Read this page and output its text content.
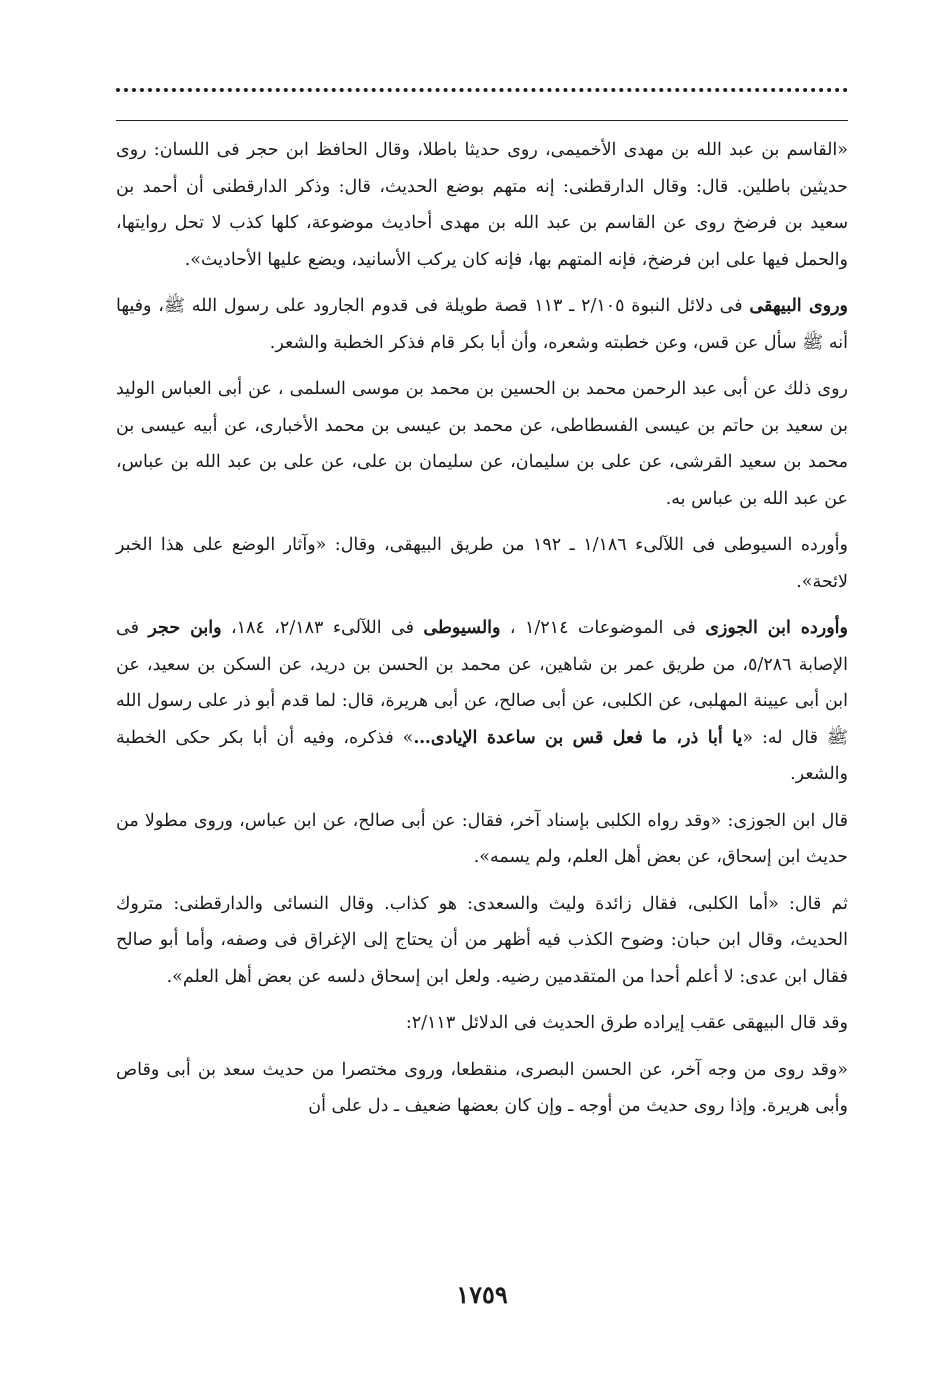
«القاسم بن عبد الله بن مهدى الأخميمى، روى حديثا باطلا، وقال الحافظ ابن حجر فى اللسان: روى حديثين باطلين. قال: وقال الدارقطنى: إنه متهم بوضع الحديث، قال: وذكر الدارقطنى أن أحمد بن سعيد بن فرضخ روى عن القاسم بن عبد الله بن مهدى أحاديث موضوعة، كلها كذب لا تحل روايتها، والحمل فيها على ابن فرضخ، فإنه المتهم بها، فإنه كان يركب الأسانيد، ويضع عليها الأحاديث».

وروى البيهقى فى دلائل النبوة ٢/١٠٥ ـ ١١٣ قصة طويلة فى قدوم الجارود على رسول الله ﷺ، وفيها أنه ﷺ سأل عن قس، وعن خطبته وشعره، وأن أبا بكر قام فذكر الخطبة والشعر.

روى ذلك عن أبى عبد الرحمن محمد بن الحسين بن محمد بن موسى السلمى ، عن أبى العباس الوليد بن سعيد بن حاتم بن عيسى الفسطاطى، عن محمد بن عيسى بن محمد الأخبارى، عن أبيه عيسى بن محمد بن سعيد القرشى، عن على بن سليمان، عن سليمان بن على، عن على بن عبد الله بن عباس، عن عبد الله بن عباس به.

وأورده السيوطى فى اللآلىء ١/١٨٦ ـ ١٩٢ من طريق البيهقى، وقال: «وآثار الوضع على هذا الخبر لائحة».

وأورده ابن الجوزى فى الموضوعات ١/٢١٤ ، والسيوطى فى اللآلىء ٢/١٨٣، ١٨٤، وابن حجر فى الإصابة ٥/٢٨٦، من طريق عمر بن شاهين، عن محمد بن الحسن بن دريد، عن السكن بن سعيد، عن ابن أبى عيينة المهلبى، عن الكلبى، عن أبى صالح، عن أبى هريرة، قال: لما قدم أبو ذر على رسول الله ﷺ قال له: «يا أبا ذر، ما فعل قس بن ساعدة الإيادى…» فذكره، وفيه أن أبا بكر حكى الخطبة والشعر.

قال ابن الجوزى: «وقد رواه الكلبى بإسناد آخر، فقال: عن أبى صالح، عن ابن عباس، وروى مطولا من حديث ابن إسحاق، عن بعض أهل العلم، ولم يسمه».

ثم قال: «أما الكلبى، فقال زائدة وليث والسعدى: هو كذاب. وقال النسائى والدارقطنى: متروك الحديث، وقال ابن حبان: وضوح الكذب فيه أظهر من أن يحتاج إلى الإغراق فى وصفه، وأما أبو صالح فقال ابن عدى: لا أعلم أحدا من المتقدمين رضيه. ولعل ابن إسحاق دلسه عن بعض أهل العلم».

وقد قال البيهقى عقب إيراده طرق الحديث فى الدلائل ٢/١١٣:

«وقد روى من وجه آخر، عن الحسن البصرى، منقطعا، وروى مختصرا من حديث سعد بن أبى وقاص وأبى هريرة. وإذا روى حديث من أوجه ـ وإن كان بعضها ضعيف ـ دل على أن

١٧٥٩
